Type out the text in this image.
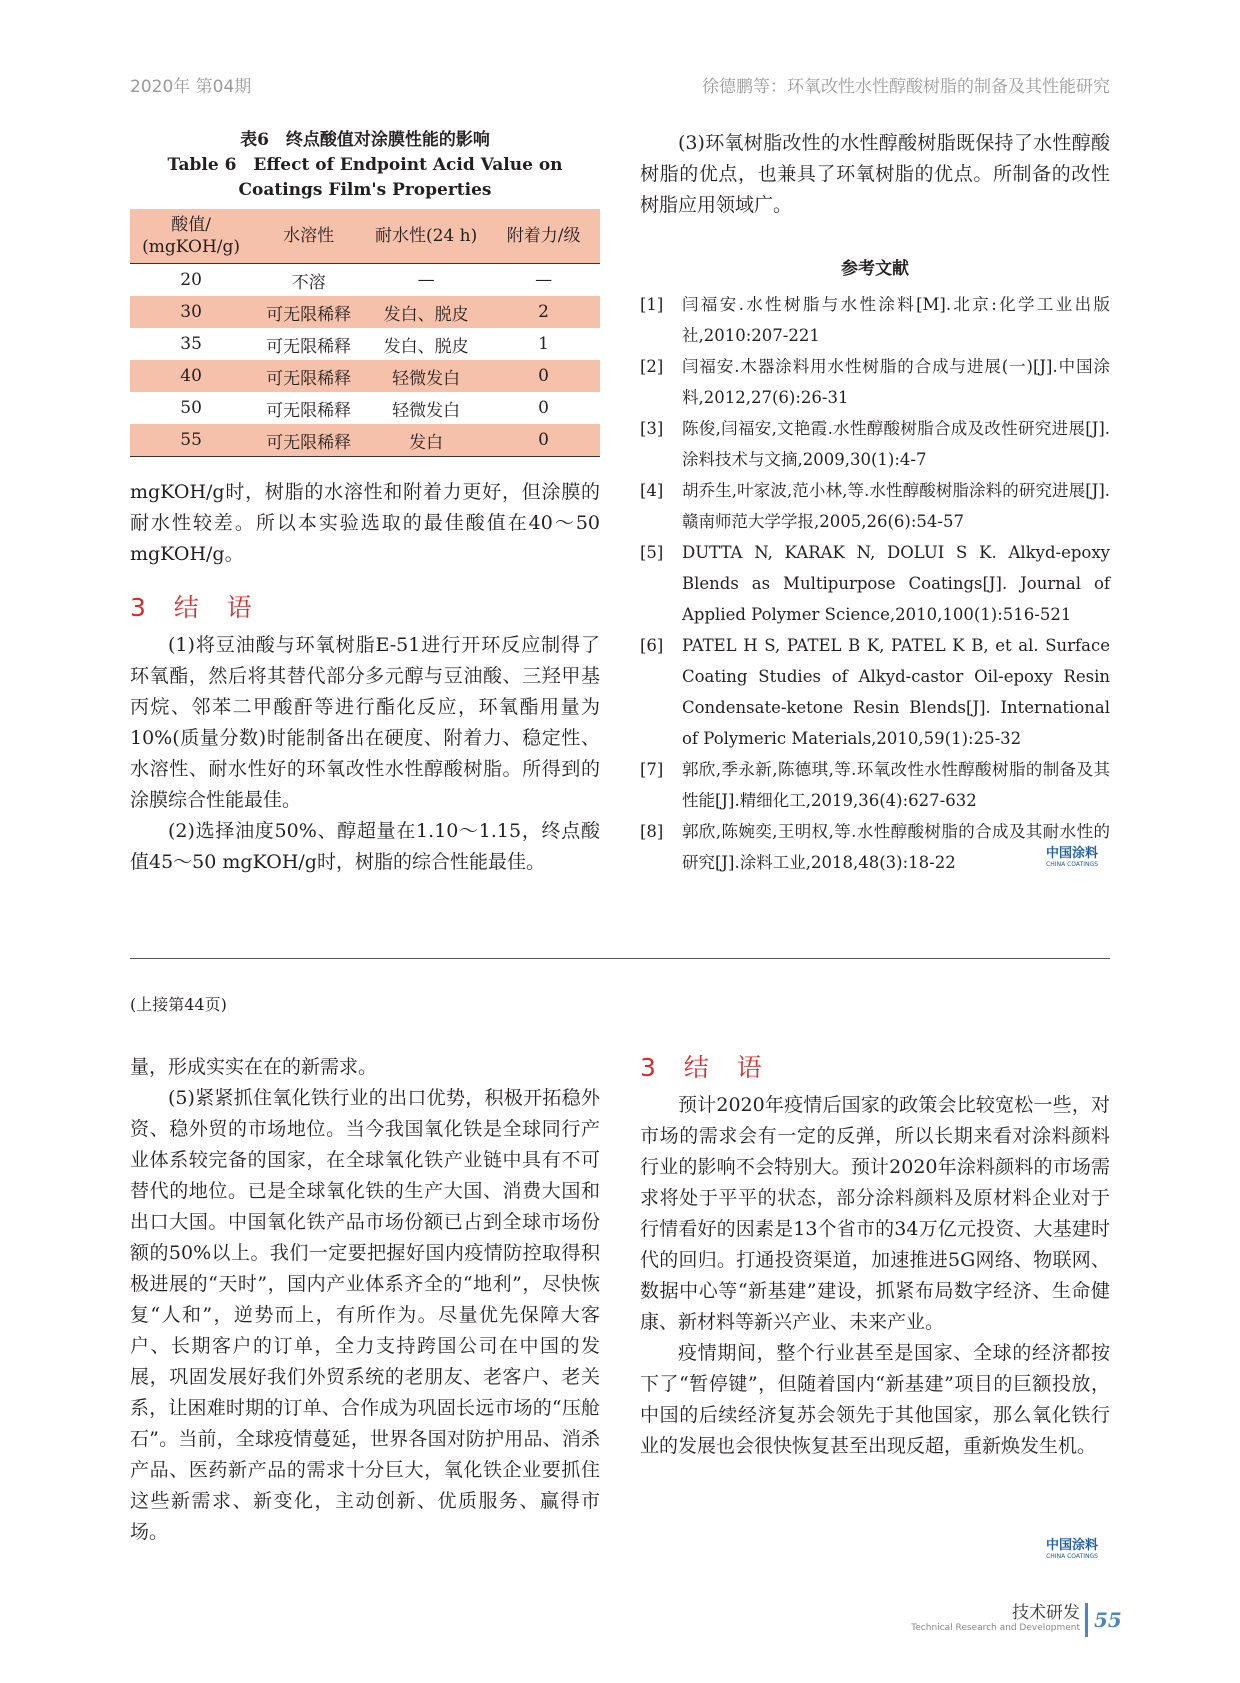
2020年 第04期	徐德鹏等：环氧改性水性醇酸树脂的制备及其性能研究

表6　终点酸值对涂膜性能的影响

Table 6　Effect of Endpoint Acid Value on Coatings Film's Properties

酸值/
(mgKOH/g)	水溶性	耐水性(24 h)	附着力/级
20	不溶	—	—
30	可无限稀释	发白、脱皮	2
35	可无限稀释	发白、脱皮	1
40	可无限稀释	轻微发白	0
50	可无限稀释	轻微发白	0
55	可无限稀释	发白	0

mgKOH/g时，树脂的水溶性和附着力更好，但涂膜的耐水性较差。所以本实验选取的最佳酸值在40～50 mgKOH/g。

3 结 语

(1)将豆油酸与环氧树脂E-51进行开环反应制得了环氧酯，然后将其替代部分多元醇与豆油酸、三羟甲基丙烷、邻苯二甲酸酐等进行酯化反应，环氧酯用量为10%(质量分数)时能制备出在硬度、附着力、稳定性、水溶性、耐水性好的环氧改性水性醇酸树脂。所得到的涂膜综合性能最佳。

(2)选择油度50%、醇超量在1.10～1.15，终点酸值45～50 mgKOH/g时，树脂的综合性能最佳。

(3)环氧树脂改性的水性醇酸树脂既保持了水性醇酸树脂的优点，也兼具了环氧树脂的优点。所制备的改性树脂应用领域广。

参考文献

[1]	闫福安.水性树脂与水性涂料[M].北京:化学工业出版社,2010:207-221
[2]	闫福安.木器涂料用水性树脂的合成与进展(一)[J].中国涂料,2012,27(6):26-31
[3]	陈俊,闫福安,文艳霞.水性醇酸树脂合成及改性研究进展[J].涂料技术与文摘,2009,30(1):4-7
[4]	胡乔生,叶家波,范小林,等.水性醇酸树脂涂料的研究进展[J].赣南师范大学学报,2005,26(6):54-57
[5]	DUTTA N, KARAK N, DOLUI S K. Alkyd-epoxy Blends as Multipurpose Coatings[J]. Journal of Applied Polymer Science,2010,100(1):516-521
[6]	PATEL H S, PATEL B K, PATEL K B, et al. Surface Coating Studies of Alkyd-castor Oil-epoxy Resin Condensate-ketone Resin Blends[J]. International of Polymeric Materials,2010,59(1):25-32
[7]	郭欣,季永新,陈德琪,等.环氧改性水性醇酸树脂的制备及其性能[J].精细化工,2019,36(4):627-632
[8]	郭欣,陈婉奕,王明权,等.水性醇酸树脂的合成及其耐水性的研究[J].涂料工业,2018,48(3):18-22	中国涂料
CHINA COATINGS
(上接第44页)

量，形成实实在在的新需求。

(5)紧紧抓住氧化铁行业的出口优势，积极开拓稳外资、稳外贸的市场地位。当今我国氧化铁是全球同行产业体系较完备的国家，在全球氧化铁产业链中具有不可替代的地位。已是全球氧化铁的生产大国、消费大国和出口大国。中国氧化铁产品市场份额已占到全球市场份额的50%以上。我们一定要把握好国内疫情防控取得积极进展的“天时”，国内产业体系齐全的“地利”，尽快恢复“人和”，逆势而上，有所作为。尽量优先保障大客户、长期客户的订单，全力支持跨国公司在中国的发展，巩固发展好我们外贸系统的老朋友、老客户、老关系，让困难时期的订单、合作成为巩固长远市场的“压舱石”。当前，全球疫情蔓延，世界各国对防护用品、消杀产品、医药新产品的需求十分巨大，氧化铁企业要抓住这些新需求、新变化，主动创新、优质服务、赢得市场。

3 结 语

预计2020年疫情后国家的政策会比较宽松一些，对市场的需求会有一定的反弹，所以长期来看对涂料颜料行业的影响不会特别大。预计2020年涂料颜料的市场需求将处于平平的状态，部分涂料颜料及原材料企业对于行情看好的因素是13个省市的34万亿元投资、大基建时代的回归。打通投资渠道，加速推进5G网络、物联网、数据中心等“新基建”建设，抓紧布局数字经济、生命健康、新材料等新兴产业、未来产业。

疫情期间，整个行业甚至是国家、全球的经济都按下了“暂停键”，但随着国内“新基建”项目的巨额投放，中国的后续经济复苏会领先于其他国家，那么氧化铁行业的发展也会很快恢复甚至出现反超，重新焕发生机。

中国涂料
CHINA COATINGS
技术研发
Technical Research and Development 55
